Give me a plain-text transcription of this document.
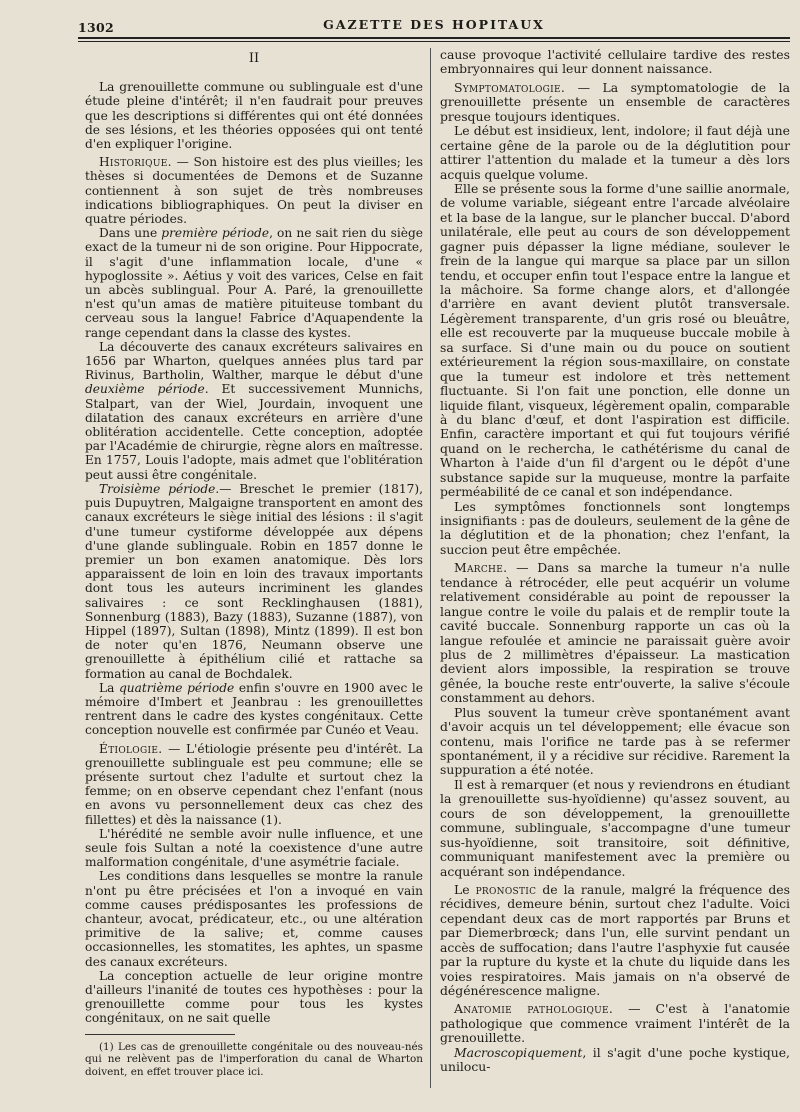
1302	GAZETTE DES HOPITAUX
II

La grenouillette commune ou sublinguale est d'une étude pleine d'intérêt; il n'en faudrait pour preuves que les descriptions si différentes qui ont été données de ses lésions, et les théories opposées qui ont tenté d'en expliquer l'origine.

Historique. — Son histoire est des plus vieilles; les thèses si documentées de Demons et de Suzanne contiennent à son sujet de très nombreuses indications bibliographiques. On peut la diviser en quatre périodes.

Dans une première période, on ne sait rien du siège exact de la tumeur ni de son origine. Pour Hippocrate, il s'agit d'une inflammation locale, d'une « hypoglossite ». Aétius y voit des varices, Celse en fait un abcès sublingual. Pour A. Paré, la grenouillette n'est qu'un amas de matière pituiteuse tombant du cerveau sous la langue! Fabrice d'Aquapendente la range cependant dans la classe des kystes.

La découverte des canaux excréteurs salivaires en 1656 par Wharton, quelques années plus tard par Rivinus, Bartholin, Walther, marque le début d'une deuxième période. Et successivement Munnichs, Stalpart, van der Wiel, Jourdain, invoquent une dilatation des canaux excréteurs en arrière d'une oblitération accidentelle. Cette conception, adoptée par l'Académie de chirurgie, règne alors en maîtresse. En 1757, Louis l'adopte, mais admet que l'oblitération peut aussi être congénitale.

Troisième période.— Breschet le premier (1817), puis Dupuytren, Malgaigne transportent en amont des canaux excréteurs le siège initial des lésions : il s'agit d'une tumeur cystiforme développée aux dépens d'une glande sublinguale. Robin en 1857 donne le premier un bon examen anatomique. Dès lors apparaissent de loin en loin des travaux importants dont tous les auteurs incriminent les glandes salivaires : ce sont Recklinghausen (1881), Sonnenburg (1883), Bazy (1883), Suzanne (1887), von Hippel (1897), Sultan (1898), Mintz (1899). Il est bon de noter qu'en 1876, Neumann observe une grenouillette à épithélium cilié et rattache sa formation au canal de Bochdalek.

La quatrième période enfin s'ouvre en 1900 avec le mémoire d'Imbert et Jeanbrau : les grenouillettes rentrent dans le cadre des kystes congénitaux. Cette conception nouvelle est confirmée par Cunéo et Veau.

Étiologie. — L'étiologie présente peu d'intérêt. La grenouillette sublinguale est peu commune; elle se présente surtout chez l'adulte et surtout chez la femme; on en observe cependant chez l'enfant (nous en avons vu personnellement deux cas chez des fillettes) et dès la naissance (1).

L'hérédité ne semble avoir nulle influence, et une seule fois Sultan a noté la coexistence d'une autre malformation congénitale, d'une asymétrie faciale.

Les conditions dans lesquelles se montre la ranule n'ont pu être précisées et l'on a invoqué en vain comme causes prédisposantes les professions de chanteur, avocat, prédicateur, etc., ou une altération primitive de la salive; et, comme causes occasionnelles, les stomatites, les aphtes, un spasme des canaux excréteurs.

La conception actuelle de leur origine montre d'ailleurs l'inanité de toutes ces hypothèses : pour la grenouillette comme pour tous les kystes congénitaux, on ne sait quelle

(1) Les cas de grenouillette congénitale ou des nouveau-nés qui ne relèvent pas de l'imperforation du canal de Wharton doivent, en effet trouver place ici.

cause provoque l'activité cellulaire tardive des restes embryonnaires qui leur donnent naissance.

Symptomatologie. — La symptomatologie de la grenouillette présente un ensemble de caractères presque toujours identiques.

Le début est insidieux, lent, indolore; il faut déjà une certaine gêne de la parole ou de la déglutition pour attirer l'attention du malade et la tumeur a dès lors acquis quelque volume.

Elle se présente sous la forme d'une saillie anormale, de volume variable, siégeant entre l'arcade alvéolaire et la base de la langue, sur le plancher buccal. D'abord unilatérale, elle peut au cours de son développement gagner puis dépasser la ligne médiane, soulever le frein de la langue qui marque sa place par un sillon tendu, et occuper enfin tout l'espace entre la langue et la mâchoire. Sa forme change alors, et d'allongée d'arrière en avant devient plutôt transversale. Légèrement transparente, d'un gris rosé ou bleuâtre, elle est recouverte par la muqueuse buccale mobile à sa surface. Si d'une main ou du pouce on soutient extérieurement la région sous-maxillaire, on constate que la tumeur est indolore et très nettement fluctuante. Si l'on fait une ponction, elle donne un liquide filant, visqueux, légèrement opalin, comparable à du blanc d'œuf, et dont l'aspiration est difficile. Enfin, caractère important et qui fut toujours vérifié quand on le rechercha, le cathétérisme du canal de Wharton à l'aide d'un fil d'argent ou le dépôt d'une substance sapide sur la muqueuse, montre la parfaite perméabilité de ce canal et son indépendance.

Les symptômes fonctionnels sont longtemps insignifiants : pas de douleurs, seulement de la gêne de la déglutition et de la phonation; chez l'enfant, la succion peut être empêchée.

Marche. — Dans sa marche la tumeur n'a nulle tendance à rétrocéder, elle peut acquérir un volume relativement considérable au point de repousser la langue contre le voile du palais et de remplir toute la cavité buccale. Sonnenburg rapporte un cas où la langue refoulée et amincie ne paraissait guère avoir plus de 2 millimètres d'épaisseur. La mastication devient alors impossible, la respiration se trouve gênée, la bouche reste entr'ouverte, la salive s'écoule constamment au dehors.

Plus souvent la tumeur crève spontanément avant d'avoir acquis un tel développement; elle évacue son contenu, mais l'orifice ne tarde pas à se refermer spontanément, il y a récidive sur récidive. Rarement la suppuration a été notée.

Il est à remarquer (et nous y reviendrons en étudiant la grenouillette sus-hyoïdienne) qu'assez souvent, au cours de son développement, la grenouillette commune, sublinguale, s'accompagne d'une tumeur sus-hyoïdienne, soit transitoire, soit définitive, communiquant manifestement avec la première ou acquérant son indépendance.

Le pronostic de la ranule, malgré la fréquence des récidives, demeure bénin, surtout chez l'adulte. Voici cependant deux cas de mort rapportés par Bruns et par Diemerbrœck; dans l'un, elle survint pendant un accès de suffocation; dans l'autre l'asphyxie fut causée par la rupture du kyste et la chute du liquide dans les voies respiratoires. Mais jamais on n'a observé de dégénérescence maligne.

Anatomie pathologique. — C'est à l'anatomie pathologique que commence vraiment l'intérêt de la grenouillette.

Macroscopiquement, il s'agit d'une poche kystique, unilocu-
